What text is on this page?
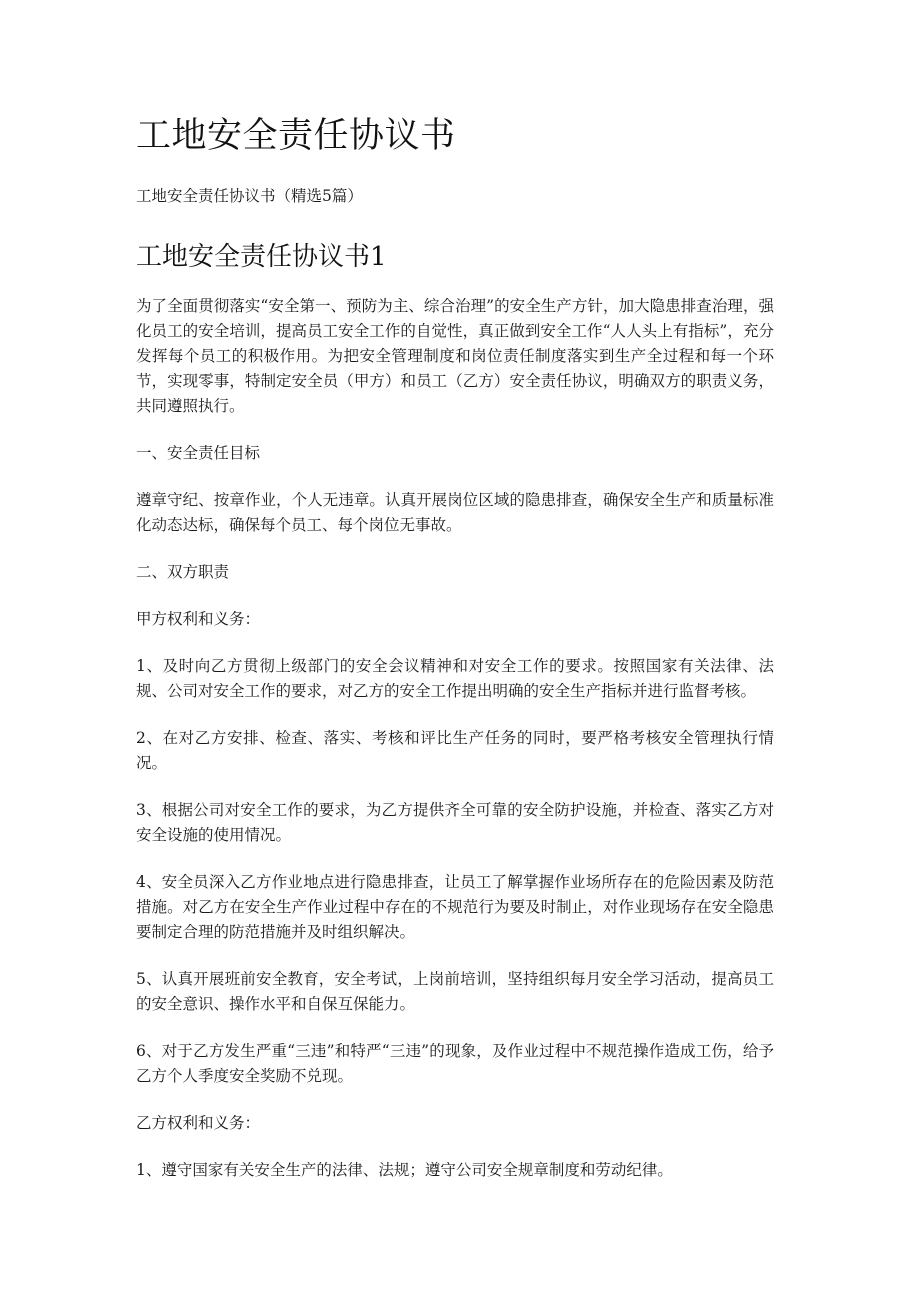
工地安全责任协议书
工地安全责任协议书（精选5篇）
工地安全责任协议书1

为了全面贯彻落实“安全第一、预防为主、综合治理”的安全生产方针，加大隐患排查治理，强化员工的安全培训，提高员工安全工作的自觉性，真正做到安全工作“人人头上有指标”，充分发挥每个员工的积极作用。为把安全管理制度和岗位责任制度落实到生产全过程和每一个环节，实现零事，特制定安全员（甲方）和员工（乙方）安全责任协议，明确双方的职责义务，共同遵照执行。

一、安全责任目标

遵章守纪、按章作业，个人无违章。认真开展岗位区域的隐患排查，确保安全生产和质量标准化动态达标，确保每个员工、每个岗位无事故。

二、双方职责

甲方权利和义务：

1、及时向乙方贯彻上级部门的安全会议精神和对安全工作的要求。按照国家有关法律、法规、公司对安全工作的要求，对乙方的安全工作提出明确的安全生产指标并进行监督考核。

2、在对乙方安排、检查、落实、考核和评比生产任务的同时，要严格考核安全管理执行情况。

3、根据公司对安全工作的要求，为乙方提供齐全可靠的安全防护设施，并检查、落实乙方对安全设施的使用情况。

4、安全员深入乙方作业地点进行隐患排查，让员工了解掌握作业场所存在的危险因素及防范措施。对乙方在安全生产作业过程中存在的不规范行为要及时制止，对作业现场存在安全隐患要制定合理的防范措施并及时组织解决。

5、认真开展班前安全教育，安全考试，上岗前培训，坚持组织每月安全学习活动，提高员工的安全意识、操作水平和自保互保能力。

6、对于乙方发生严重“三违”和特严“三违”的现象，及作业过程中不规范操作造成工伤，给予乙方个人季度安全奖励不兑现。

乙方权利和义务：

1、遵守国家有关安全生产的法律、法规；遵守公司安全规章制度和劳动纪律。
